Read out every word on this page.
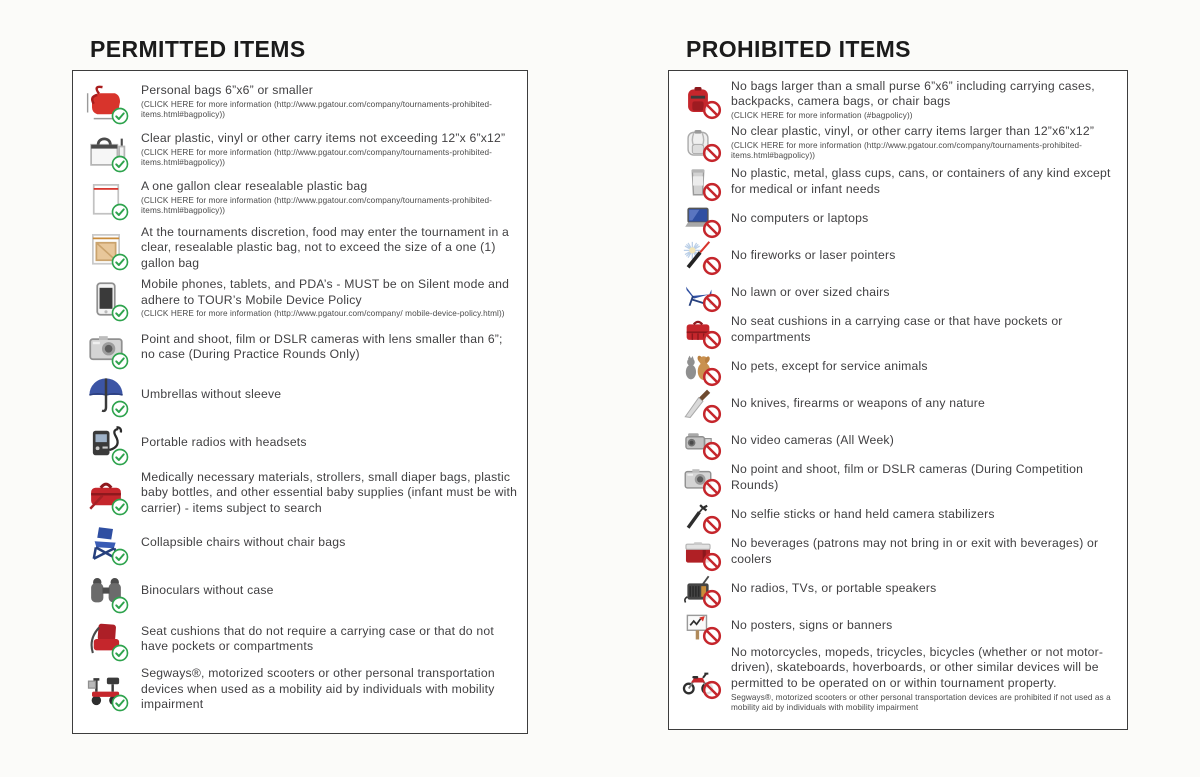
PERMITTED ITEMS
Personal bags 6”x6” or smaller
(CLICK HERE for more information (http://www.pgatour.com/company/tournaments-prohibited-items.html#bagpolicy))
Clear plastic, vinyl or other carry items not exceeding 12”x 6”x12”
(CLICK HERE for more information (http://www.pgatour.com/company/tournaments-prohibited- items.html#bagpolicy))
A one gallon clear resealable plastic bag
(CLICK HERE for more information (http://www.pgatour.com/company/tournaments-prohibited- items.html#bagpolicy))
At the tournaments discretion, food may enter the tournament in a clear, resealable plastic bag, not to exceed the size of a one (1) gallon bag
Mobile phones, tablets, and PDA’s - MUST be on Silent mode and adhere to TOUR’s Mobile Device Policy
(CLICK HERE for more information (http://www.pgatour.com/company/ mobile-device-policy.html))
Point and shoot, film or DSLR cameras with lens smaller than 6”; no case (During Practice Rounds Only)
Umbrellas without sleeve
Portable radios with headsets
Medically necessary materials, strollers, small diaper bags, plastic baby bottles, and other essential baby supplies (infant must be with carrier) - items subject to search
Collapsible chairs without chair bags
Binoculars without case
Seat cushions that do not require a carrying case or that do not have pockets or compartments
Segways®, motorized scooters or other personal transportation devices when used as a mobility aid by individuals with mobility impairment
PROHIBITED ITEMS
No bags larger than a small purse 6”x6” including carrying cases, backpacks, camera bags, or chair bags
(CLICK HERE for more information (#bagpolicy))
No clear plastic, vinyl, or other carry items larger than 12”x6”x12”
(CLICK HERE for more information (http://www.pgatour.com/company/tournaments-prohibited-items.html#bagpolicy))
No plastic, metal, glass cups, cans, or containers of any kind except for medical or infant needs
No computers or laptops
No fireworks or laser pointers
No lawn or over sized chairs
No seat cushions in a carrying case or that have pockets or compartments
No pets, except for service animals
No knives, firearms or weapons of any nature
No video cameras (All Week)
No point and shoot, film or DSLR cameras (During Competition Rounds)
No selfie sticks or hand held camera stabilizers
No beverages (patrons may not bring in or exit with beverages) or coolers
No radios, TVs, or portable speakers
No posters, signs or banners
No motorcycles, mopeds, tricycles, bicycles (whether or not motor-driven), skateboards, hoverboards, or other similar devices will be permitted to be operated on or within tournament property.
Segways®, motorized scooters or other personal transportation devices are prohibited if not used as a mobility aid by individuals with mobility impairment
